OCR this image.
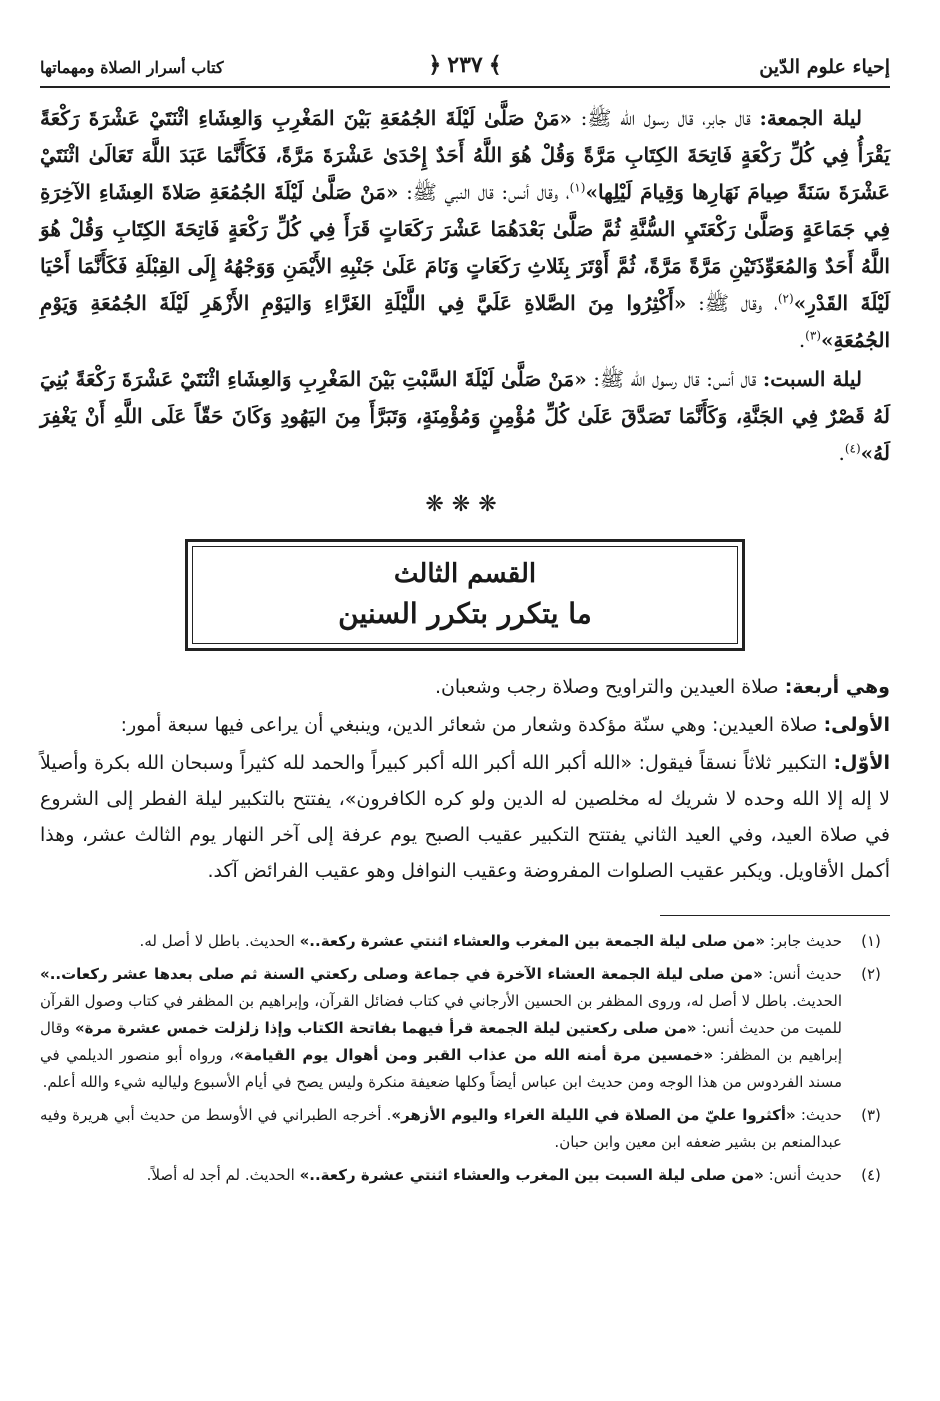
إحياء علوم الدّين
﴾
٢٣٧
﴿
كتاب أسرار الصلاة ومهماتها

ليلة الجمعة: قال جابر، قال رسول الله ﷺ: «مَنْ صَلَّىٰ لَيْلَةَ الجُمُعَةِ بَيْنَ المَغْرِبِ وَالعِشَاءِ اثْنَتَيْ عَشْرَةَ رَكْعَةً يَقْرَأُ فِي كُلِّ رَكْعَةٍ فَاتِحَةَ الكِتَابِ مَرَّةً وَقُلْ هُوَ اللَّهُ أَحَدٌ إِحْدَىٰ عَشْرَةَ مَرَّةً، فَكَأَنَّمَا عَبَدَ اللَّهَ تَعَالَىٰ اثْنَتَيْ عَشْرَةَ سَنَةً صِيامَ نَهَارِها وَقِيامَ لَيْلِها»$^{(١)}$، وقال أنس: قال النبي ﷺ: «مَنْ صَلَّىٰ لَيْلَةَ الجُمُعَةِ صَلاةَ العِشَاءِ الآخِرَةِ فِي جَمَاعَةٍ وَصَلَّىٰ رَكْعَتَيِ السُّنَّةِ ثُمَّ صَلَّىٰ بَعْدَهُمَا عَشْرَ رَكَعَاتٍ قَرَأَ فِي كُلِّ رَكْعَةٍ فَاتِحَةَ الكِتَابِ وَقُلْ هُوَ اللَّهُ أَحَدٌ وَالمُعَوِّذَتَيْنِ مَرَّةً مَرَّةً، ثُمَّ أَوْتَرَ بِثَلاثِ رَكَعَاتٍ وَنَامَ عَلَىٰ جَنْبِهِ الأَيْمَنِ وَوَجْهُهُ إِلَى القِبْلَةِ فَكَأَنَّمَا أَحْيَا لَيْلَةَ القَدْرِ»$^{(٢)}$، وقال ﷺ: «أَكْثِرُوا مِنَ الصَّلاةِ عَلَيَّ فِي اللَّيْلَةِ الغَرَّاءِ وَاليَوْمِ الأَزْهَرِ لَيْلَةَ الجُمُعَةِ وَيَوْمِ الجُمُعَةِ»$^{(٣)}$.

ليلة السبت: قال أنس: قال رسول الله ﷺ: «مَنْ صَلَّىٰ لَيْلَةَ السَّبْتِ بَيْنَ المَغْرِبِ وَالعِشَاءِ اثْنَتَيْ عَشْرَةَ رَكْعَةً بُنِيَ لَهُ قَصْرٌ فِي الجَنَّةِ، وَكَأَنَّمَا تَصَدَّقَ عَلَىٰ كُلِّ مُؤْمِنٍ وَمُؤْمِنَةٍ، وَتَبَرَّأَ مِنَ اليَهُودِ وَكَانَ حَقّاً عَلَى اللَّهِ أَنْ يَغْفِرَ لَهُ»$^{(٤)}$.

❋❋❋
القسم الثالث
ما يتكرر بتكرر السنين

وهي أربعة: صلاة العيدين والتراويح وصلاة رجب وشعبان.

الأولى: صلاة العيدين: وهي سنّة مؤكدة وشعار من شعائر الدين، وينبغي أن يراعى فيها سبعة أمور:

الأوّل: التكبير ثلاثاً نسقاً فيقول: «الله أكبر الله أكبر الله أكبر كبيراً والحمد لله كثيراً وسبحان الله بكرة وأصيلاً لا إله إلا الله وحده لا شريك له مخلصين له الدين ولو كره الكافرون»، يفتتح بالتكبير ليلة الفطر إلى الشروع في صلاة العيد، وفي العيد الثاني يفتتح التكبير عقيب الصبح يوم عرفة إلى آخر النهار يوم الثالث عشر، وهذا أكمل الأقاويل. ويكبر عقيب الصلوات المفروضة وعقيب النوافل وهو عقيب الفرائض آكد.

(١)
حديث جابر: «من صلى ليلة الجمعة بين المغرب والعشاء اثنتي عشرة ركعة..» الحديث. باطل لا أصل له.
(٢)
حديث أنس: «من صلى ليلة الجمعة العشاء الآخرة في جماعة وصلى ركعتي السنة ثم صلى بعدها عشر ركعات..» الحديث. باطل لا أصل له، وروى المظفر بن الحسين الأرجاني في كتاب فضائل القرآن، وإبراهيم بن المظفر في كتاب وصول القرآن للميت من حديث أنس: «من صلى ركعتين ليلة الجمعة قرأ فيهما بفاتحة الكتاب وإذا زلزلت خمس عشرة مرة» وقال إبراهيم بن المظفر: «خمسين مرة أمنه الله من عذاب القبر ومن أهوال يوم القيامة»، ورواه أبو منصور الديلمي في مسند الفردوس من هذا الوجه ومن حديث ابن عباس أيضاً وكلها ضعيفة منكرة وليس يصح في أيام الأسبوع ولياليه شيء والله أعلم.
(٣)
حديث: «أكثروا عليّ من الصلاة في الليلة الغراء واليوم الأزهر». أخرجه الطبراني في الأوسط من حديث أبي هريرة وفيه عبدالمنعم بن بشير ضعفه ابن معين وابن حبان.
(٤)
حديث أنس: «من صلى ليلة السبت بين المغرب والعشاء اثنتي عشرة ركعة..» الحديث. لم أجد له أصلاً.
